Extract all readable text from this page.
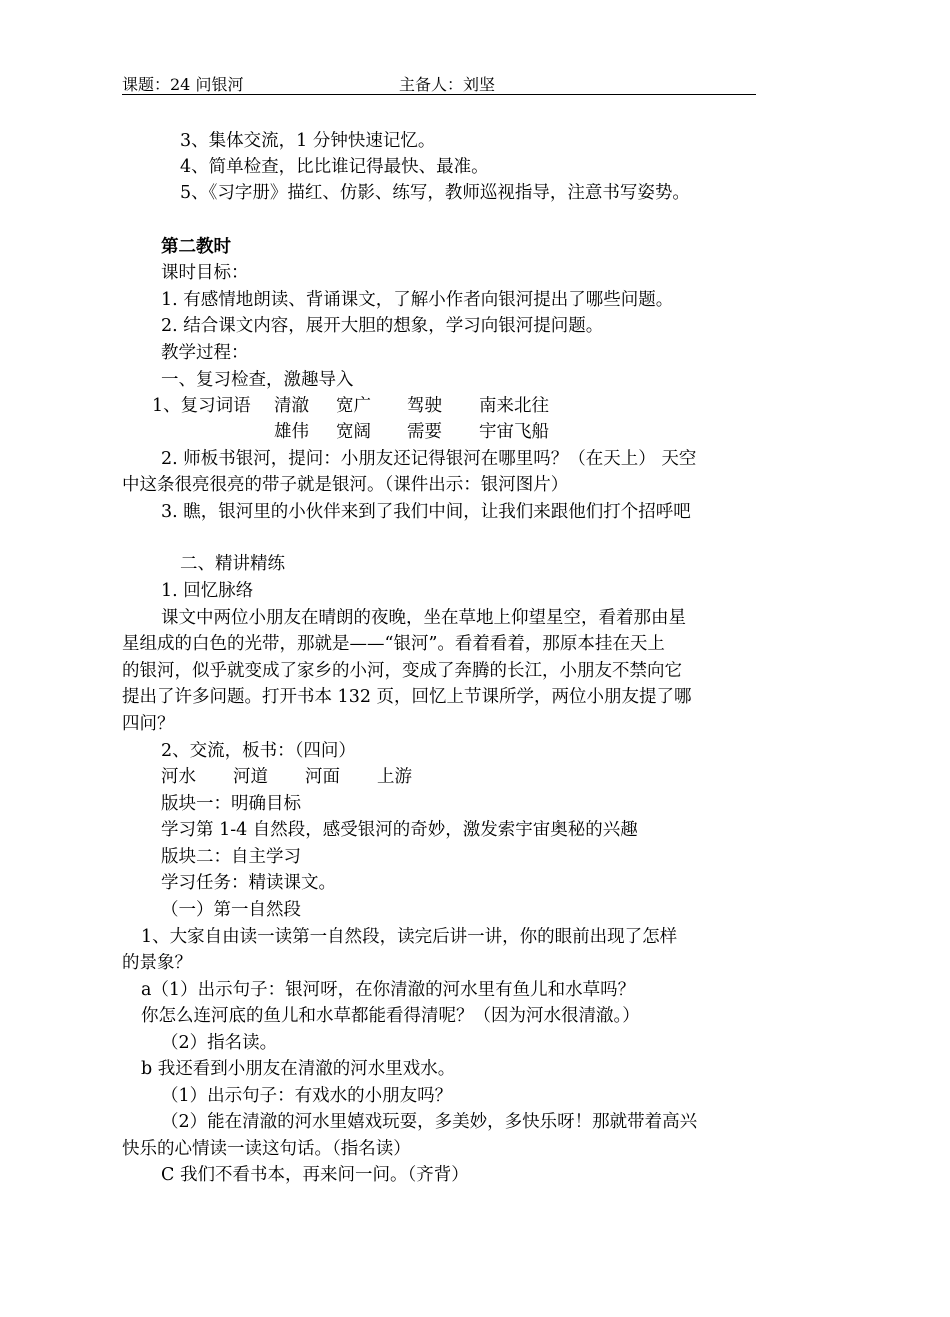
课题：24 问银河	主备人：刘坚
3、集体交流，1 分钟快速记忆。
4、简单检查，比比谁记得最快、最准。
5、《习字册》描红、仿影、练写，教师巡视指导，注意书写姿势。
第二教时
课时目标：
1. 有感情地朗读、背诵课文，了解小作者向银河提出了哪些问题。
2. 结合课文内容，展开大胆的想象，学习向银河提问题。
教学过程：
一、复习检查，激趣导入
1、复习词语 清澈 宽广 驾驶 南来北往
雄伟 宽阔 需要 宇宙飞船
2. 师板书银河，提问：小朋友还记得银河在哪里吗？（在天上） 天空
中这条很亮很亮的带子就是银河。（课件出示：银河图片）
3. 瞧，银河里的小伙伴来到了我们中间，让我们来跟他们打个招呼吧
二、精讲精练
1. 回忆脉络
课文中两位小朋友在晴朗的夜晚，坐在草地上仰望星空，看着那由星
星组成的白色的光带，那就是——“银河”。看着看着，那原本挂在天上
的银河，似乎就变成了家乡的小河，变成了奔腾的长江，小朋友不禁向它
提出了许多问题。打开书本 132 页，回忆上节课所学，两位小朋友提了哪
四问？
2、交流，板书：（四问）
河水 河道 河面 上游
版块一：明确目标
学习第 1-4 自然段，感受银河的奇妙，激发索宇宙奥秘的兴趣
版块二：自主学习
学习任务：精读课文。
（一）第一自然段
1、大家自由读一读第一自然段，读完后讲一讲，你的眼前出现了怎样
的景象？
a（1）出示句子：银河呀，在你清澈的河水里有鱼儿和水草吗？
你怎么连河底的鱼儿和水草都能看得清呢？（因为河水很清澈。）
（2）指名读。
b 我还看到小朋友在清澈的河水里戏水。
（1）出示句子：有戏水的小朋友吗？
（2）能在清澈的河水里嬉戏玩耍，多美妙，多快乐呀！那就带着高兴
快乐的心情读一读这句话。（指名读）
C 我们不看书本，再来问一问。（齐背）
